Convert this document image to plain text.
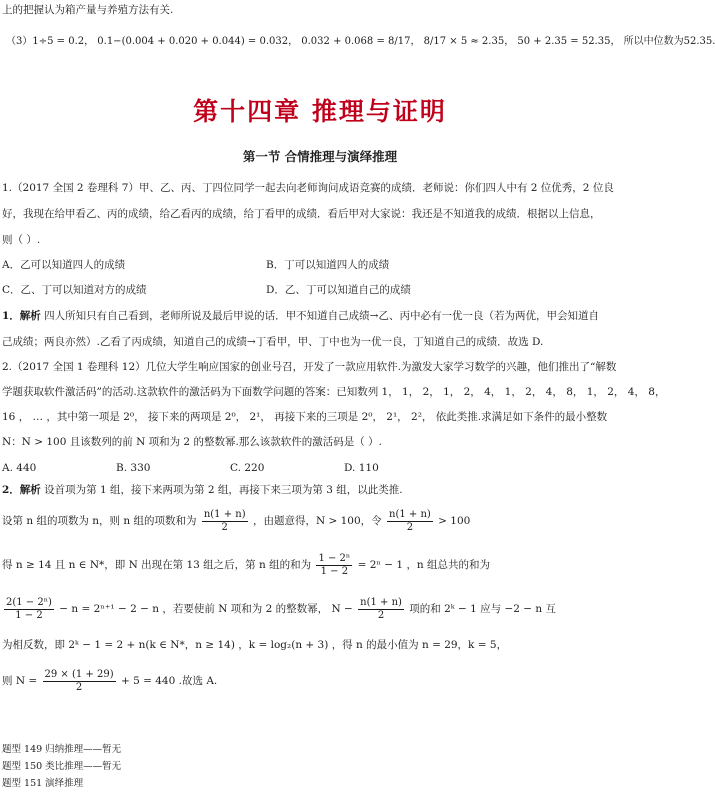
上的把握认为箱产量与养殖方法有关.
（3）1÷5 = 0.2， 0.1−(0.004 + 0.020 + 0.044) = 0.032， 0.032 + 0.068 = 8/17， 8/17 × 5 ≈ 2.35， 50 + 2.35 = 52.35， 所以中位数为52.35.
第十四章 推理与证明
第一节 合情推理与演绎推理
1.（2017 全国 2 卷理科 7）甲、乙、丙、丁四位同学一起去向老师询问成语竞赛的成绩．老师说：你们四人中有 2 位优秀，2 位良
好，我现在给甲看乙、丙的成绩，给乙看丙的成绩，给丁看甲的成绩．看后甲对大家说：我还是不知道我的成绩．根据以上信息，
则（ ）.
A．乙可以知道四人的成绩	B．丁可以知道四人的成绩
C．乙、丁可以知道对方的成绩	D．乙、丁可以知道自己的成绩
1．解析 四人所知只有自己看到，老师所说及最后甲说的话．甲不知道自己成绩→乙、丙中必有一优一良（若为两优，甲会知道自
己成绩；两良亦然）.乙看了丙成绩，知道自己的成绩→丁看甲，甲、丁中也为一优一良，丁知道自己的成绩．故选 D.
2.（2017 全国 1 卷理科 12）几位大学生响应国家的创业号召，开发了一款应用软件.为激发大家学习数学的兴趣，他们推出了“解数
学题获取软件激活码”的活动.这款软件的激活码为下面数学问题的答案：已知数列 1， 1， 2， 1， 2， 4， 1， 2， 4， 8， 1， 2， 4， 8，
16 ， … ，其中第一项是 2⁰， 接下来的两项是 2⁰， 2¹， 再接下来的三项是 2⁰， 2¹， 2²， 依此类推.求满足如下条件的最小整数
N：N > 100 且该数列的前 N 项和为 2 的整数幂.那么该款软件的激活码是（ ）.
A. 440	B. 330	C. 220	D. 110
2．解析 设首项为第 1 组，接下来两项为第 2 组，再接下来三项为第 3 组，以此类推.
设第 n 组的项数为 n，则 n 组的项数和为 $\frac{n(1 + n)}{2}$ ，由题意得，N > 100，令 $\frac{n(1 + n)}{2} > 100$
得 n ≥ 14 且 n ∈ N*，即 N 出现在第 13 组之后，第 n 组的和为 $\frac{\text{1 − 2ⁿ}}{1 - 2} = 2^n - 1$ ，n 组总共的和为
$\frac{\text{2(1 − 2ⁿ)}}{1 - 2} - n = 2^{n+1} - 2 - n$ ，若要使前 N 项和为 2 的整数幂， $N - \frac{n(1 + n)}{2}$ 项的和 2ᵏ − 1 应与 −2 − n 互
为相反数，即 2ᵏ − 1 = 2 + n(k ∈ N*，n ≥ 14) ，k = log₂(n + 3) ，得 n 的最小值为 n = 29，k = 5，
则 $N = \frac{29 \times (1 + 29)}{2} + 5 = 440$ .故选 A.
题型 149 归纳推理——暂无
题型 150 类比推理——暂无
题型 151 演绎推理
